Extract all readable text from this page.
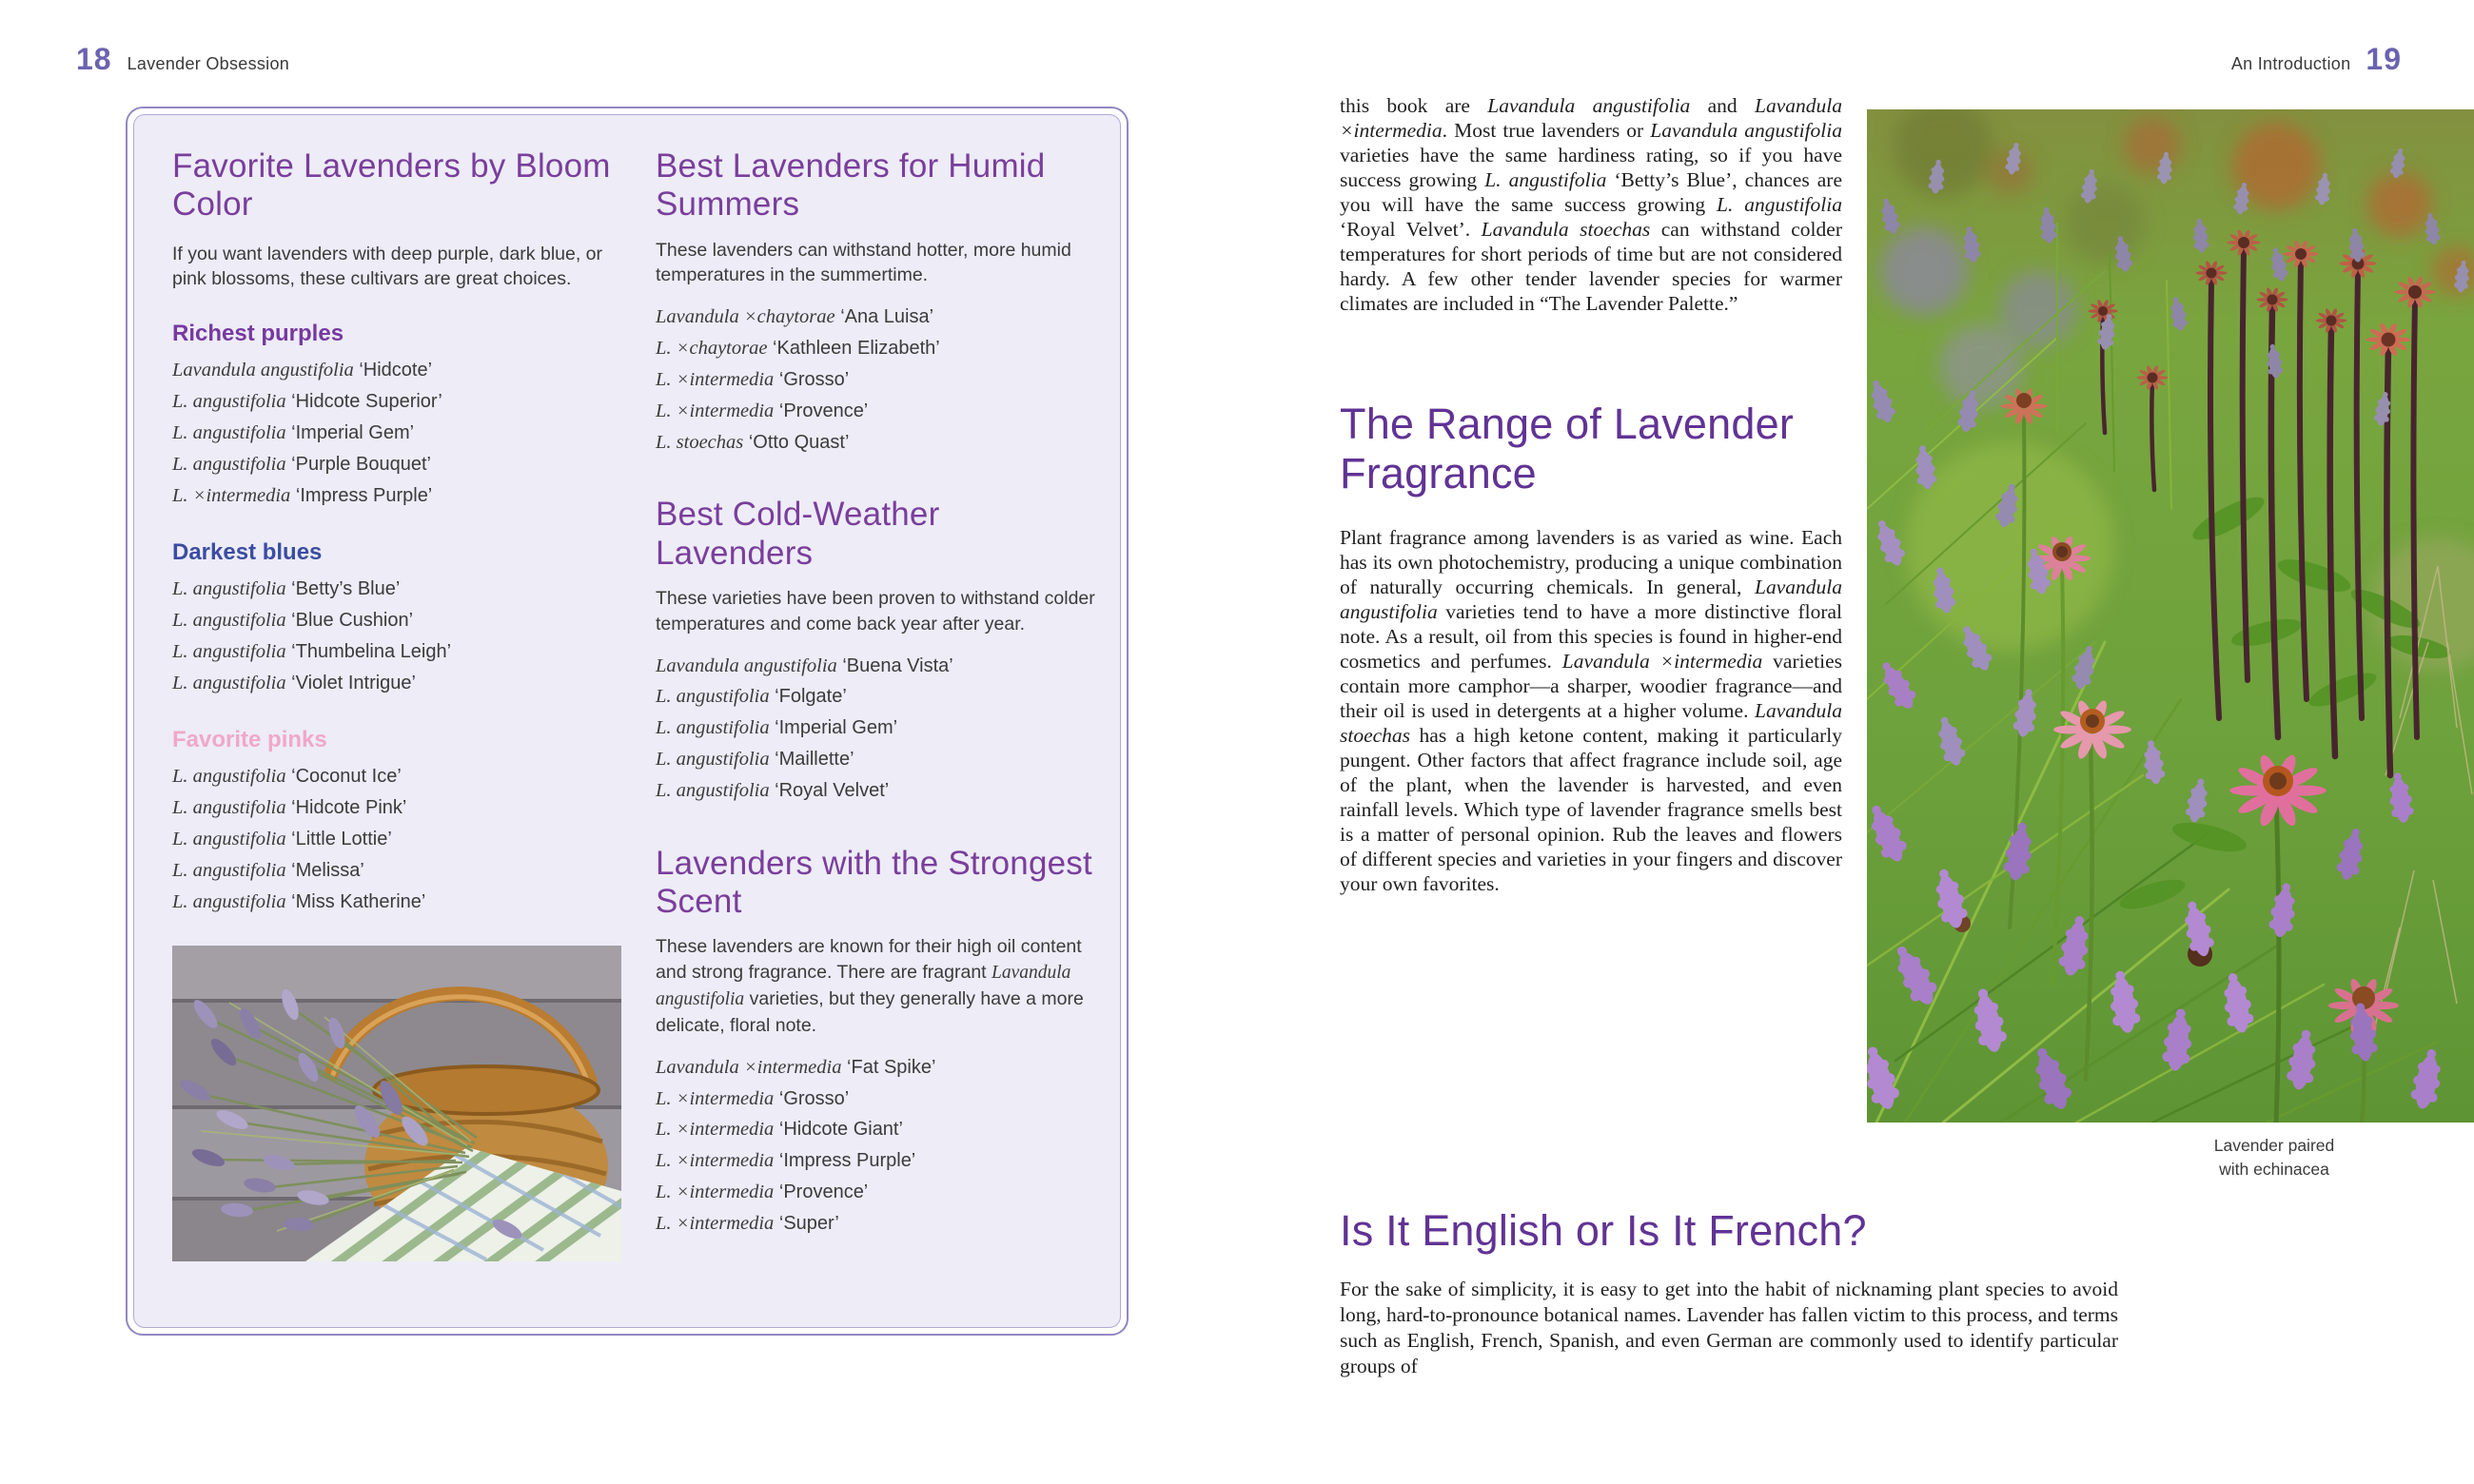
18 Lavender Obsession	An Introduction 19
Favorite Lavenders by Bloom Color

If you want lavenders with deep purple, dark blue, or pink blossoms, these cultivars are great choices.

Richest purples
Lavandula angustifolia ‘Hidcote’
L. angustifolia ‘Hidcote Superior’
L. angustifolia ‘Imperial Gem’
L. angustifolia ‘Purple Bouquet’
L. ×intermedia ‘Impress Purple’
Darkest blues
L. angustifolia ‘Betty’s Blue’
L. angustifolia ‘Blue Cushion’
L. angustifolia ‘Thumbelina Leigh’
L. angustifolia ‘Violet Intrigue’
Favorite pinks
L. angustifolia ‘Coconut Ice’
L. angustifolia ‘Hidcote Pink’
L. angustifolia ‘Little Lottie’
L. angustifolia ‘Melissa’
L. angustifolia ‘Miss Katherine’
Best Lavenders for Humid Summers

These lavenders can withstand hotter, more humid temperatures in the summertime.

Lavandula ×chaytorae ‘Ana Luisa’
L. ×chaytorae ‘Kathleen Elizabeth’
L. ×intermedia ‘Grosso’
L. ×intermedia ‘Provence’
L. stoechas ‘Otto Quast’
Best Cold-Weather Lavenders

These varieties have been proven to withstand colder temperatures and come back year after year.

Lavandula angustifolia ‘Buena Vista’
L. angustifolia ‘Folgate’
L. angustifolia ‘Imperial Gem’
L. angustifolia ‘Maillette’
L. angustifolia ‘Royal Velvet’
Lavenders with the Strongest Scent

These lavenders are known for their high oil content and strong fragrance. There are fragrant Lavandula angustifolia varieties, but they generally have a more delicate, floral note.

Lavandula ×intermedia ‘Fat Spike’
L. ×intermedia ‘Grosso’
L. ×intermedia ‘Hidcote Giant’
L. ×intermedia ‘Impress Purple’
L. ×intermedia ‘Provence’
L. ×intermedia ‘Super’

this book are Lavandula angustifolia and Lavandula ×intermedia. Most true lavenders or Lavandula angustifolia varieties have the same hardiness rating, so if you have success growing L. angustifolia ‘Betty’s Blue’, chances are you will have the same success growing L. angustifolia ‘Royal Velvet’. Lavandula stoechas can withstand colder temperatures for short periods of time but are not considered hardy. A few other tender lavender species for warmer climates are included in “The Lavender Palette.”

The Range of Lavender Fragrance

Plant fragrance among lavenders is as varied as wine. Each has its own photochemistry, producing a unique combination of naturally occurring chemicals. In general, Lavandula angustifolia varieties tend to have a more distinctive floral note. As a result, oil from this species is found in higher-end cosmetics and perfumes. Lavandula ×intermedia varieties contain more camphor—a sharper, woodier fragrance—and their oil is used in detergents at a higher volume. Lavandula stoechas has a high ketone content, making it particularly pungent. Other factors that affect fragrance include soil, age of the plant, when the lavender is harvested, and even rainfall levels. Which type of lavender fragrance smells best is a matter of personal opinion. Rub the leaves and flowers of different species and varieties in your fingers and discover your own favorites.

Lavender paired
with echinacea
Is It English or Is It French?

For the sake of simplicity, it is easy to get into the habit of nicknaming plant species to avoid long, hard-to-pronounce botanical names. Lavender has fallen victim to this process, and terms such as English, French, Spanish, and even German are commonly used to identify particular groups of
